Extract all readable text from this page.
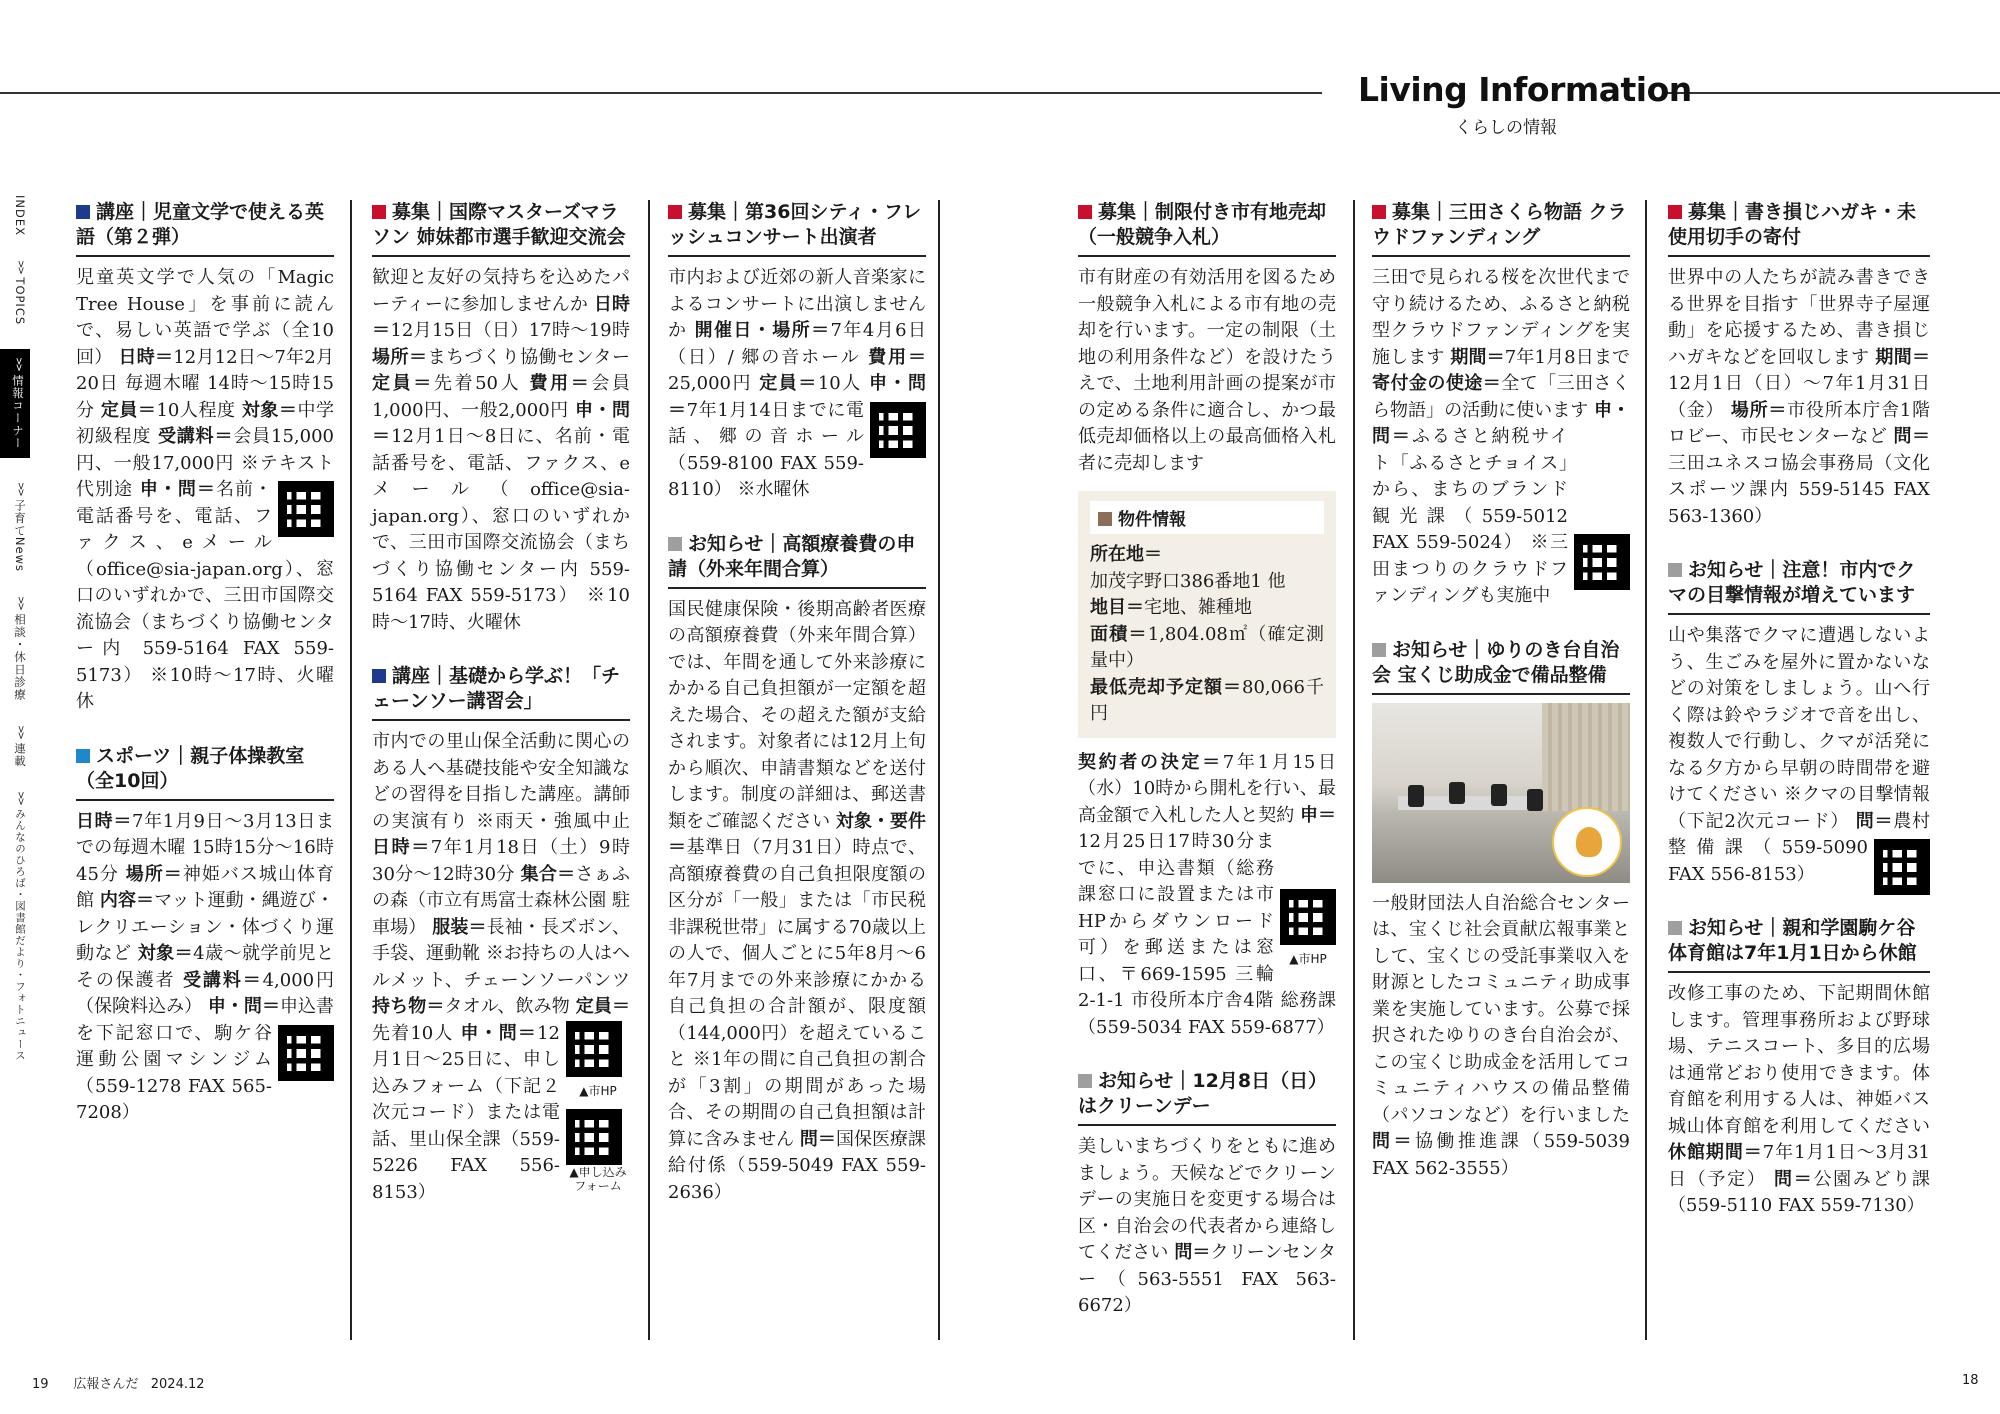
Living Information
くらしの情報
INDEX
>> TOPICS
>> 情報コーナー
>> 子育てNews
>> 相談・休日診療
>> 連載
>> みんなのひろば・図書館だより・フォトニュース
講座｜児童文学で使える英語（第２弾）
児童英文学で人気の「Magic Tree House」を事前に読んで、易しい英語で学ぶ（全10回） 日時＝12月12日～7年2月20日 毎週木曜 14時～15時15分 定員＝10人程度 対象＝中学初級程度 受講料＝会員15,000円、一般17,000円 ※テキスト代別途 申・問＝
名前・電話番号を、電話、ファクス、eメール（office@sia-japan.org）、窓口のいずれかで、三田市国際交流協会（まちづくり協働センター内 559-5164 FAX 559-5173） ※10時～17時、火曜休
スポーツ｜親子体操教室（全10回）
日時＝7年1月9日～3月13日までの毎週木曜 15時15分～16時45分 場所＝神姫バス城山体育館 内容＝マット運動・縄遊び・レクリエーション・体づくり運動など 対象＝4歳～就学前児とその保護者 受講料＝4,000円（保険料込み） 申・問＝
申込書を下記窓口で、駒ケ谷運動公園マシンジム（559-1278 FAX 565-7208）
募集｜国際マスターズマラソン 姉妹都市選手歓迎交流会
歓迎と友好の気持ちを込めたパーティーに参加しませんか 日時＝12月15日（日）17時～19時 場所＝まちづくり協働センター 定員＝先着50人 費用＝会員1,000円、一般2,000円 申・問＝12月1日～8日に、名前・電話番号を、電話、ファクス、eメール（office@sia-japan.org）、窓口のいずれかで、三田市国際交流協会（まちづくり協働センター内 559-5164 FAX 559-5173） ※10時～17時、火曜休
講座｜基礎から学ぶ！「チェーンソー講習会」
市内での里山保全活動に関心のある人へ基礎技能や安全知識などの習得を目指した講座。講師の実演有り ※雨天・強風中止 日時＝7年1月18日（土）9時30分～12時30分 集合＝さぁふの森（市立有馬富士森林公園 駐車場） 服装＝長袖・長ズボン、手袋、運動靴 ※お持ちの人はヘルメット、チェーンソーパンツ 持ち物＝タオル、飲み物 定員＝
▲市HP
▲申し込みフォーム
先着10人 申・問＝12月1日～25日に、申し込みフォーム（下記２次元コード）または電話、里山保全課（559-5226 FAX 556-8153）
募集｜第36回シティ・フレッシュコンサート出演者
市内および近郊の新人音楽家によるコンサートに出演しませんか 開催日・場所＝7年4月6日（日）/ 郷の音ホール 費用＝25,000円 定員＝10人 申・問＝
7年1月14日までに電話、郷の音ホール（559-8100 FAX 559-8110） ※水曜休
お知らせ｜高額療養費の申請（外来年間合算）
国民健康保険・後期高齢者医療の高額療養費（外来年間合算）では、年間を通して外来診療にかかる自己負担額が一定額を超えた場合、その超えた額が支給されます。対象者には12月上旬から順次、申請書類などを送付します。制度の詳細は、郵送書類をご確認ください 対象・要件＝基準日（7月31日）時点で、高額療養費の自己負担限度額の区分が「一般」または「市民税非課税世帯」に属する70歳以上の人で、個人ごとに5年8月～6年7月までの外来診療にかかる自己負担の合計額が、限度額（144,000円）を超えていること ※1年の間に自己負担の割合が「3割」の期間があった場合、その期間の自己負担額は計算に含みません 問＝国保医療課給付係（559-5049 FAX 559-2636）
募集｜制限付き市有地売却（一般競争入札）
市有財産の有効活用を図るため一般競争入札による市有地の売却を行います。一定の制限（土地の利用条件など）を設けたうえで、土地利用計画の提案が市の定める条件に適合し、かつ最低売却価格以上の最高価格入札者に売却します
物件情報
所在地＝
加茂字野口386番地1 他
地目＝宅地、雑種地
面積＝1,804.08㎡（確定測量中）
最低売却予定額＝80,066千円
契約者の決定＝7年1月15日（水）10時から開札を行い、最高金額で入札した人と契約 申＝
▲市HP
12月25日17時30分までに、申込書類（総務課窓口に設置または市HPからダウンロード可）を郵送または窓口、〒669-1595 三輪2-1-1 市役所本庁舎4階 総務課（559-5034 FAX 559-6877）
お知らせ｜12月8日（日）はクリーンデー
美しいまちづくりをともに進めましょう。天候などでクリーンデーの実施日を変更する場合は区・自治会の代表者から連絡してください 問＝クリーンセンター（563-5551 FAX 563-6672）
募集｜三田さくら物語 クラウドファンディング
三田で見られる桜を次世代まで守り続けるため、ふるさと納税型クラウドファンディングを実施します 期間＝7年1月8日まで 寄付金の使途＝全て「三田さくら物語」の活動に使います 申・問＝
ふるさと納税サイト「ふるさとチョイス」から、まちのブランド観光課（559-5012 FAX 559-5024） ※三田まつりのクラウドファンディングも実施中
お知らせ｜ゆりのき台自治会 宝くじ助成金で備品整備
一般財団法人自治総合センターは、宝くじ社会貢献広報事業として、宝くじの受託事業収入を財源としたコミュニティ助成事業を実施しています。公募で採択されたゆりのき台自治会が、この宝くじ助成金を活用してコミュニティハウスの備品整備（パソコンなど）を行いました 問＝協働推進課（559-5039 FAX 562-3555）
募集｜書き損じハガキ・未使用切手の寄付
世界中の人たちが読み書きできる世界を目指す「世界寺子屋運動」を応援するため、書き損じハガキなどを回収します 期間＝12月1日（日）～7年1月31日（金） 場所＝市役所本庁舎1階ロビー、市民センターなど 問＝三田ユネスコ協会事務局（文化スポーツ課内 559-5145 FAX 563-1360）
お知らせ｜注意！市内でクマの目撃情報が増えています
山や集落でクマに遭遇しないよう、生ごみを屋外に置かないなどの対策をしましょう。山へ行く際は鈴やラジオで音を出し、複数人で行動し、クマが活発になる夕方から早朝の時間帯を避けてください ※クマの目撃情報（下記2次元コード） 問＝
農村整備課（559-5090 FAX 556-8153）
お知らせ｜親和学園駒ケ谷体育館は7年1月1日から休館
改修工事のため、下記期間休館します。管理事務所および野球場、テニスコート、多目的広場は通常どおり使用できます。体育館を利用する人は、神姫バス城山体育館を利用してください 休館期間＝7年1月1日～3月31日（予定） 問＝公園みどり課（559-5110 FAX 559-7130）
19 広報さんだ 2024.12	18
